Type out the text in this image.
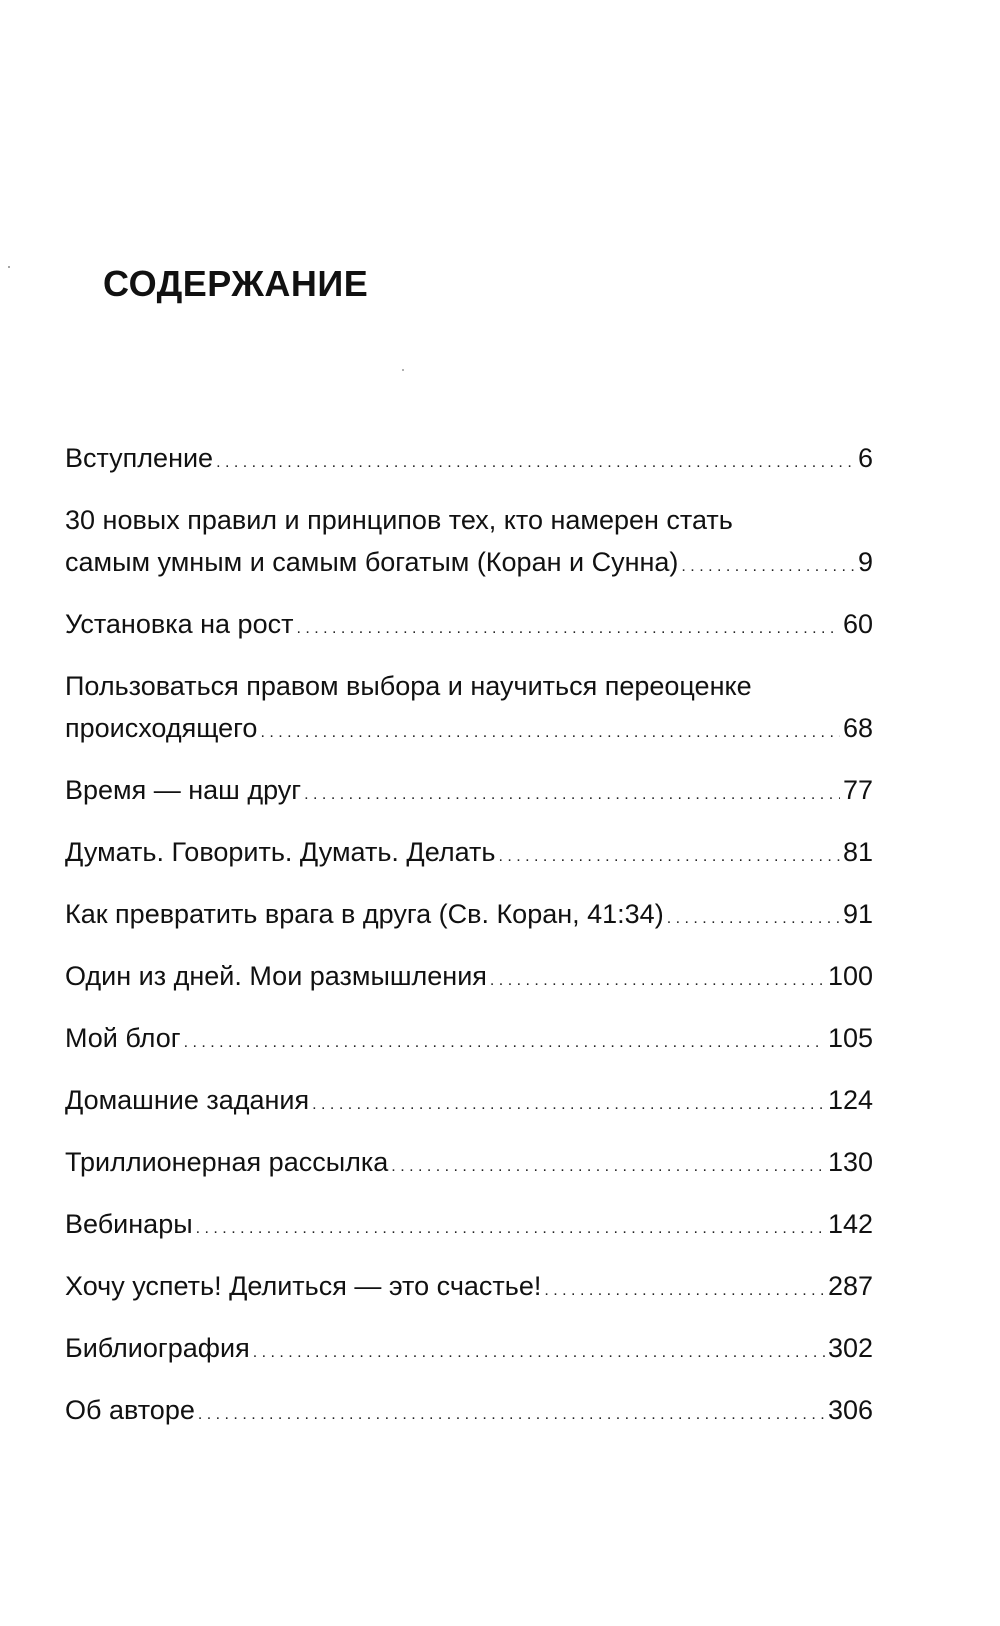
СОДЕРЖАНИЕ
Вступление . . .	6
30 новых правил и принципов тех, кто намерен стать
самым умным и самым богатым (Коран и Сунна) . . .	9
Установка на рост . . .	60
Пользоваться правом выбора и научиться переоценке
происходящего . . .	68
Время — наш друг . . .	77
Думать. Говорить. Думать. Делать . . .	81
Как превратить врага в друга (Св. Коран, 41:34) . . .	91
Один из дней. Мои размышления . . .	100
Мой блог . . .	105
Домашние задания . . .	124
Триллионерная рассылка . . .	130
Вебинары . . .	142
Хочу успеть! Делиться — это счастье! . . .	287
Библиография . . .	302
Об авторе . . .	306
